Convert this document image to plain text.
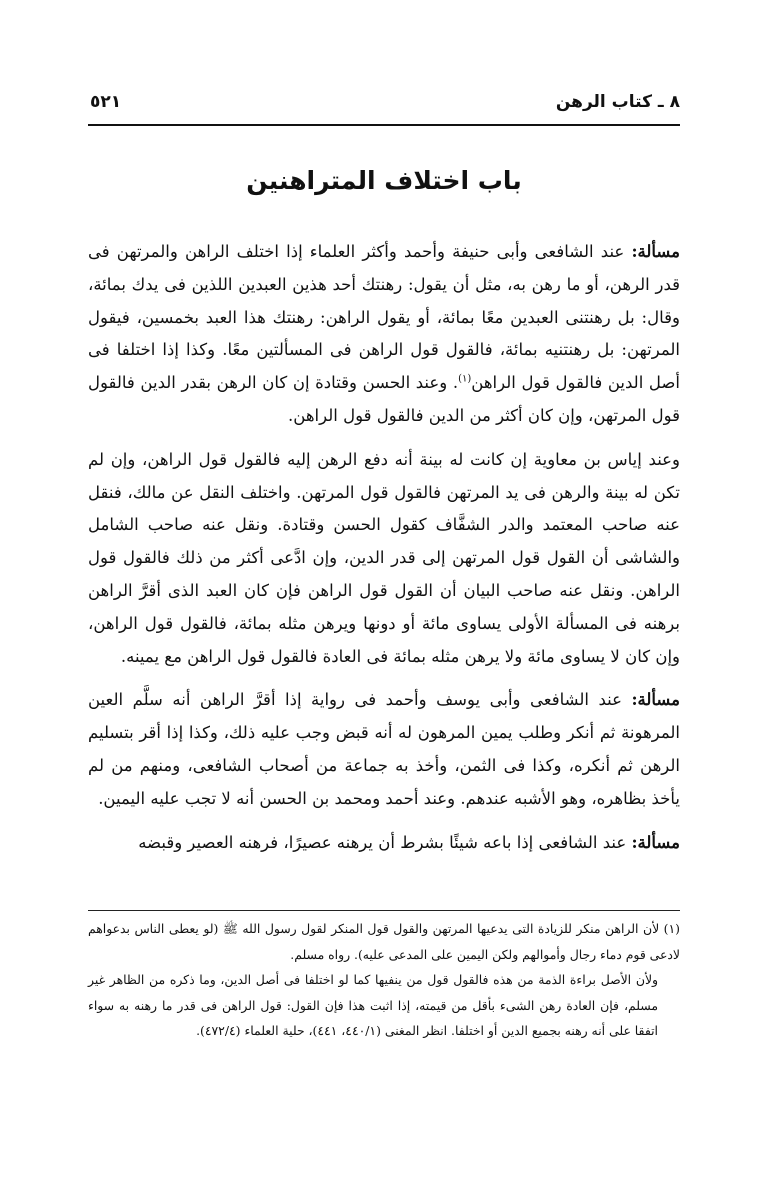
٨ ـ كتاب الرهن
٥٢١
باب اختلاف المتراهنين

مسألة: عند الشافعى وأبى حنيفة وأحمد وأكثر العلماء إذا اختلف الراهن والمرتهن فى قدر الرهن، أو ما رهن به، مثل أن يقول: رهنتك أحد هذين العبدين اللذين فى يدك بمائة، وقال: بل رهنتنى العبدين معًا بمائة، أو يقول الراهن: رهنتك هذا العبد بخمسين، فيقول المرتهن: بل رهنتنيه بمائة، فالقول قول الراهن فى المسألتين معًا. وكذا إذا اختلفا فى أصل الدين فالقول قول الراهن$^{(١)}$. وعند الحسن وقتادة إن كان الرهن بقدر الدين فالقول قول المرتهن، وإن كان أكثر من الدين فالقول قول الراهن.

وعند إياس بن معاوية إن كانت له بينة أنه دفع الرهن إليه فالقول قول الراهن، وإن لم تكن له بينة والرهن فى يد المرتهن فالقول قول المرتهن. واختلف النقل عن مالك، فنقل عنه صاحب المعتمد والدر الشفَّاف كقول الحسن وقتادة. ونقل عنه صاحب الشامل والشاشى أن القول قول المرتهن إلى قدر الدين، وإن ادَّعى أكثر من ذلك فالقول قول الراهن. ونقل عنه صاحب البيان أن القول قول الراهن فإن كان العبد الذى أقرَّ الراهن برهنه فى المسألة الأولى يساوى مائة أو دونها ويرهن مثله بمائة، فالقول قول الراهن، وإن كان لا يساوى مائة ولا يرهن مثله بمائة فى العادة فالقول قول الراهن مع يمينه.

مسألة: عند الشافعى وأبى يوسف وأحمد فى رواية إذا أقرَّ الراهن أنه سلَّم العين المرهونة ثم أنكر وطلب يمين المرهون له أنه قبض وجب عليه ذلك، وكذا إذا أقر بتسليم الرهن ثم أنكره، وكذا فى الثمن، وأخذ به جماعة من أصحاب الشافعى، ومنهم من لم يأخذ بظاهره، وهو الأشبه عندهم. وعند أحمد ومحمد بن الحسن أنه لا تجب عليه اليمين.

مسألة: عند الشافعى إذا باعه شيئًا بشرط أن يرهنه عصيرًا، فرهنه العصير وقبضه

(١) لأن الراهن منكر للزيادة التى يدعيها المرتهن والقول قول المنكر لقول رسول الله ﷺ (لو يعطى الناس بدعواهم لادعى قوم دماء رجال وأموالهم ولكن اليمين على المدعى عليه). رواه مسلم.

ولأن الأصل براءة الذمة من هذه فالقول قول من ينفيها كما لو اختلفا فى أصل الدين، وما ذكره من الظاهر غير مسلم، فإن العادة رهن الشىء بأقل من قيمته، إذا اثبت هذا فإن القول: قول الراهن فى قدر ما رهنه به سواء اتفقا على أنه رهنه بجميع الدين أو اختلفا. انظر المغنى (٤٤٠/١، ٤٤١)، حلية العلماء (٤٧٢/٤).
